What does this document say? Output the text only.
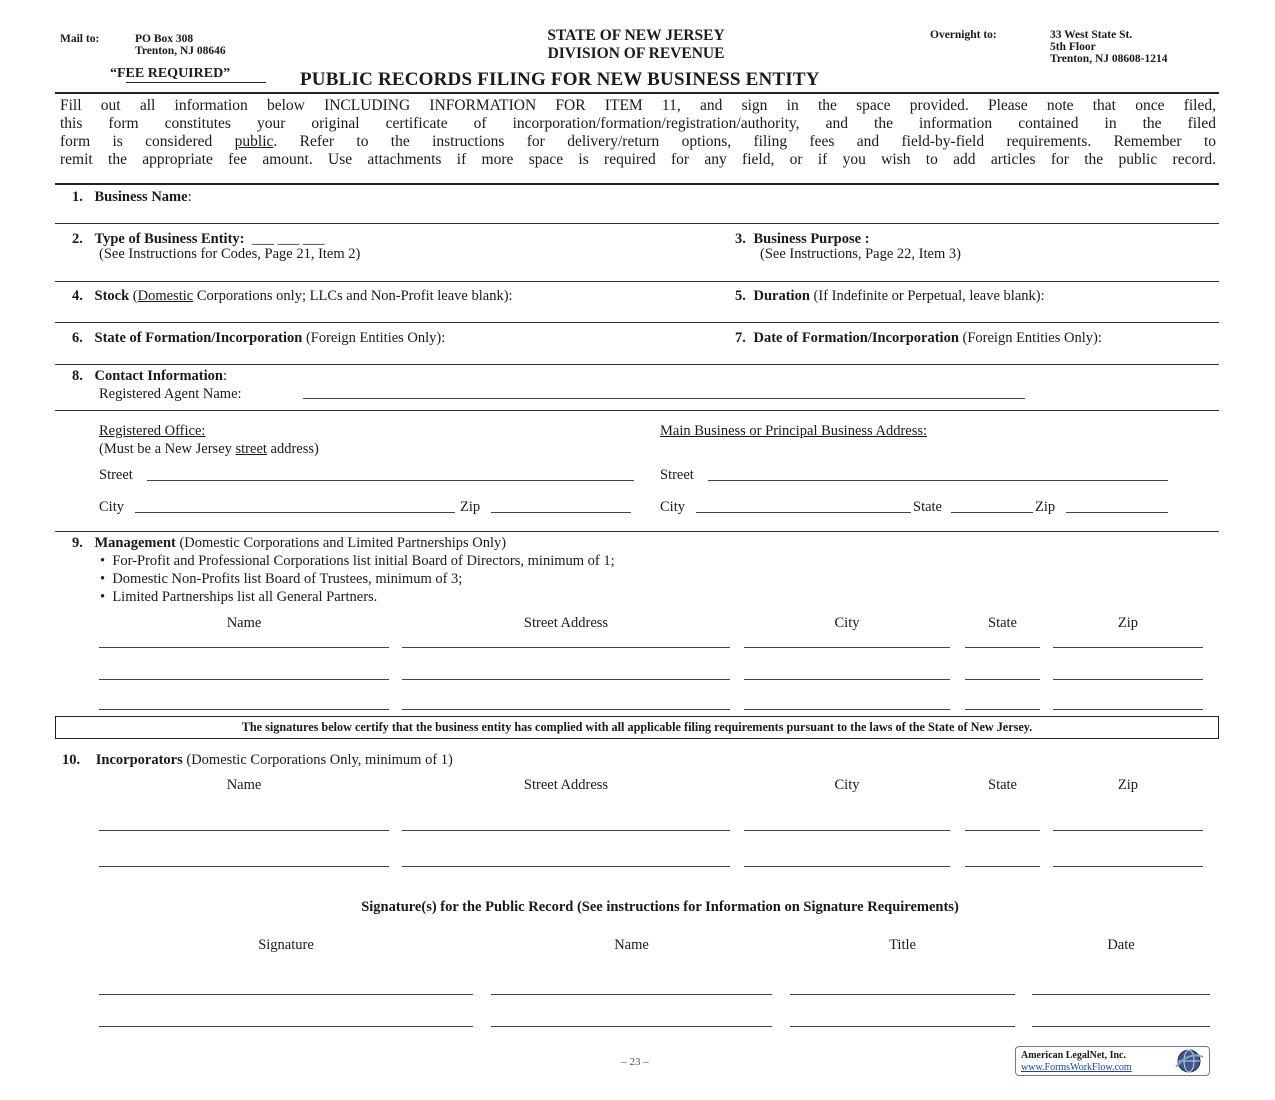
Mail to:	PO Box 308
Trenton, NJ 08646
STATE OF NEW JERSEY
DIVISION OF REVENUE
Overnight to:	33 West State St.
5th Floor
Trenton, NJ 08608-1214
“FEE REQUIRED”	PUBLIC RECORDS FILING FOR NEW BUSINESS ENTITY
Fill out all information below INCLUDING INFORMATION FOR ITEM 11, and sign in the space provided. Please note that once filed,
this form constitutes your original certificate of incorporation/formation/registration/authority, and the information contained in the filed
form is considered public. Refer to the instructions for delivery/return options, filing fees and field-by-field requirements. Remember to
remit the appropriate fee amount. Use attachments if more space is required for any field, or if you wish to add articles for the public record.
1. Business Name:
2. Type of Business Entity: ___ ___ ___
(See Instructions for Codes, Page 21, Item 2)
3. Business Purpose :
(See Instructions, Page 22, Item 3)
4. Stock (Domestic Corporations only; LLCs and Non-Profit leave blank):	5. Duration (If Indefinite or Perpetual, leave blank):
6. State of Formation/Incorporation (Foreign Entities Only):	7. Date of Formation/Incorporation (Foreign Entities Only):
8. Contact Information:
Registered Agent Name:
Registered Office:
(Must be a New Jersey street address)
Main Business or Principal Business Address:
Street	Street
City	Zip	City	State	Zip
9. Management (Domestic Corporations and Limited Partnerships Only)
•  For-Profit and Professional Corporations list initial Board of Directors, minimum of 1;
•  Domestic Non-Profits list Board of Trustees, minimum of 3;
•  Limited Partnerships list all General Partners.
Name	Street Address	City	State	Zip
The signatures below certify that the business entity has complied with all applicable filing requirements pursuant to the laws of the State of New Jersey.
10. Incorporators (Domestic Corporations Only, minimum of 1)
Name	Street Address	City	State	Zip
Signature(s) for the Public Record (See instructions for Information on Signature Requirements)
Signature	Name	Title	Date
– 23 –
American LegalNet, Inc.
www.FormsWorkFlow.com
